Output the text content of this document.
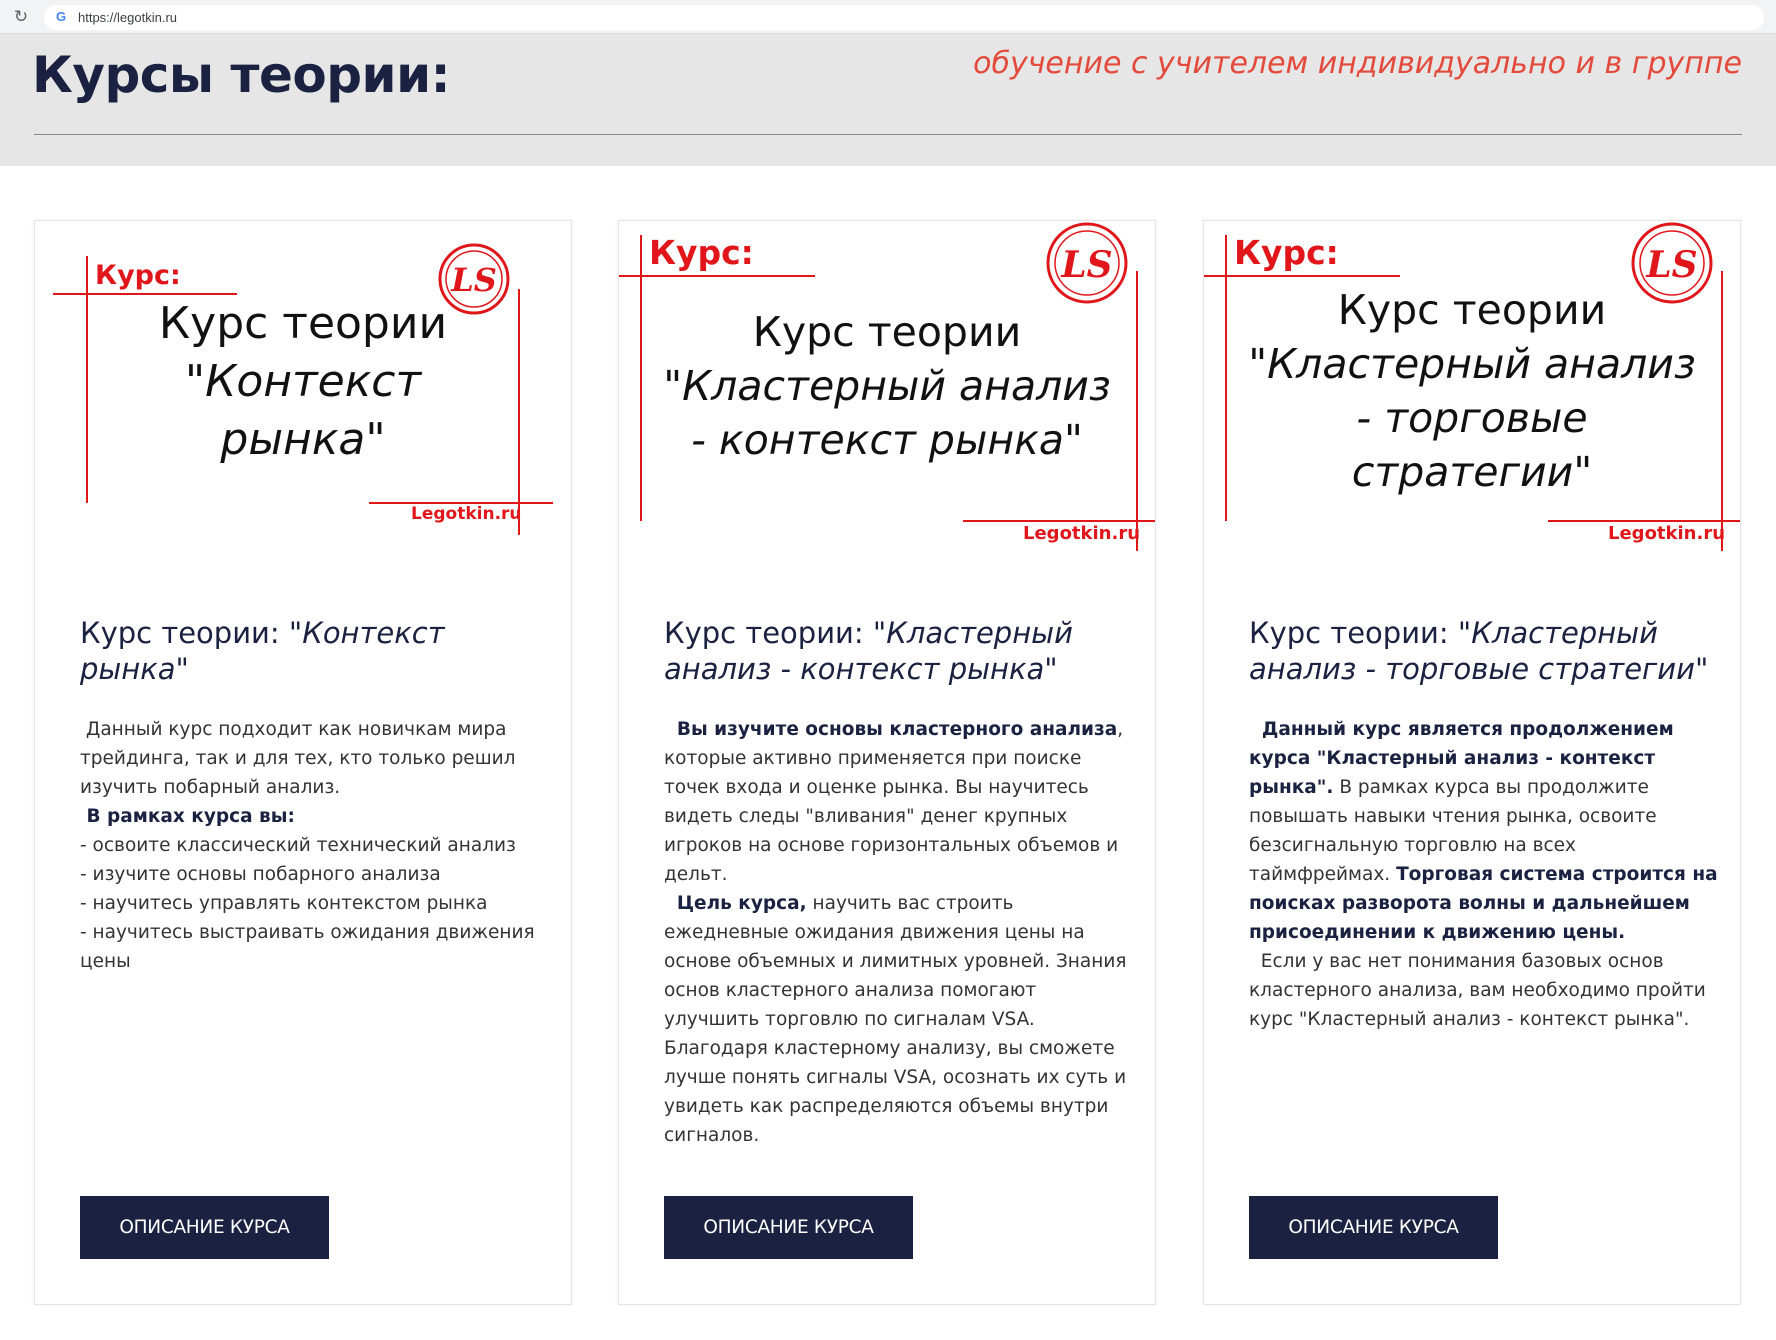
↻ G https://legotkin.ru
Курсы теории:	обучение с учителем индивидуально и в группе
Курс:	LS
Курс теории
"Контекст
рынка"
Legotkin.ru
Курс теории: "Контекст рынка"
Данный курс подходит как новичкам мира трейдинга, так и для тех, кто только решил изучить побарный анализ.
В рамках курса вы:
- освоите классический технический анализ
- изучите основы побарного анализа
- научитесь управлять контекстом рынка
- научитесь выстраивать ожидания движения цены
ОПИСАНИЕ КУРСА
Курс:	LS
Курс теории
"Кластерный анализ
- контекст рынка"
Legotkin.ru
Курс теории: "Кластерный анализ - контекст рынка"
Вы изучите основы кластерного анализа, которые активно применяется при поиске точек входа и оценке рынка. Вы научитесь видеть следы "вливания" денег крупных игроков на основе горизонтальных объемов и дельт.
Цель курса, научить вас строить ежедневные ожидания движения цены на основе объемных и лимитных уровней. Знания основ кластерного анализа помогают улучшить торговлю по сигналам VSA. Благодаря кластерному анализу, вы сможете лучше понять сигналы VSA, осознать их суть и увидеть как распределяются объемы внутри сигналов.
ОПИСАНИЕ КУРСА
Курс:	LS
Курс теории
"Кластерный анализ
- торговые
стратегии"
Legotkin.ru
Курс теории: "Кластерный анализ - торговые стратегии"
Данный курс является продолжением курса "Кластерный анализ - контекст рынка". В рамках курса вы продолжите повышать навыки чтения рынка, освоите безсигнальную торговлю на всех таймфреймах. Торговая система строится на поисках разворота волны и дальнейшем присоединении к движению цены.
Если у вас нет понимания базовых основ кластерного анализа, вам необходимо пройти курс "Кластерный анализ - контекст рынка".
ОПИСАНИЕ КУРСА
